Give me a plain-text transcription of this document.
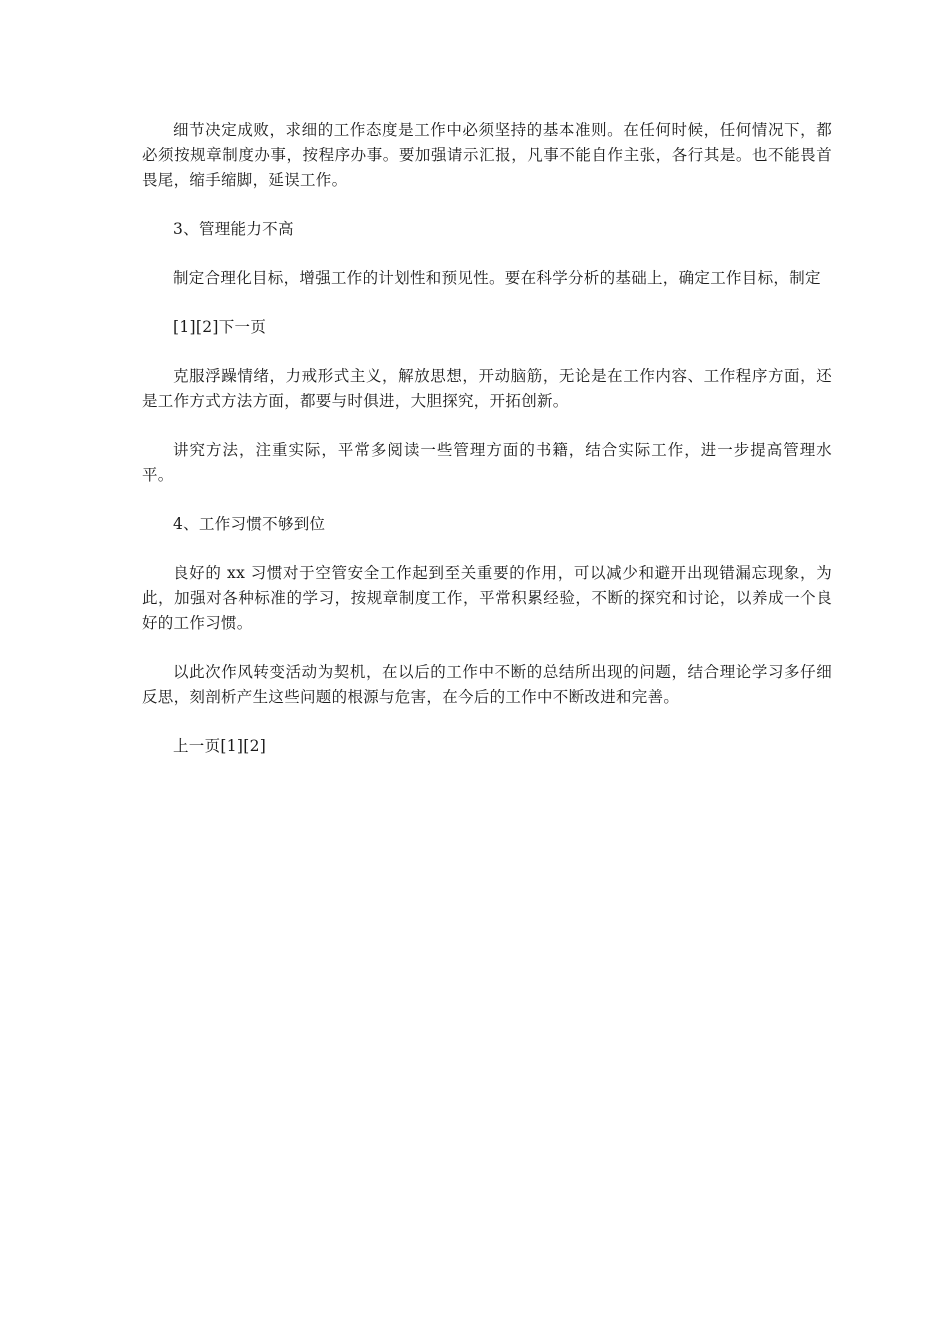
细节决定成败，求细的工作态度是工作中必须坚持的基本准则。在任何时候，任何情况下，都必须按规章制度办事，按程序办事。要加强请示汇报，凡事不能自作主张，各行其是。也不能畏首畏尾，缩手缩脚，延误工作。

3、管理能力不高

制定合理化目标，增强工作的计划性和预见性。要在科学分析的基础上，确定工作目标，制定

[1][2]下一页

克服浮躁情绪，力戒形式主义，解放思想，开动脑筋，无论是在工作内容、工作程序方面，还是工作方式方法方面，都要与时俱进，大胆探究，开拓创新。

讲究方法，注重实际，平常多阅读一些管理方面的书籍，结合实际工作，进一步提高管理水平。

4、工作习惯不够到位

良好的 xx 习惯对于空管安全工作起到至关重要的作用，可以减少和避开出现错漏忘现象，为此，加强对各种标准的学习，按规章制度工作，平常积累经验，不断的探究和讨论，以养成一个良好的工作习惯。

以此次作风转变活动为契机，在以后的工作中不断的总结所出现的问题，结合理论学习多仔细反思，刻剖析产生这些问题的根源与危害，在今后的工作中不断改进和完善。

上一页[1][2]
